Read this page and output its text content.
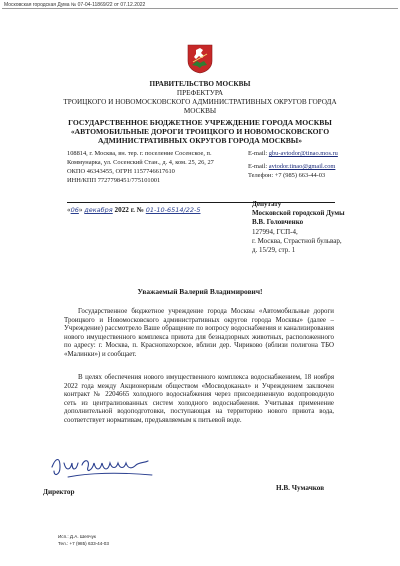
Московская городская Дума № 07-04-11869/22 от 07.12.2022
ПРАВИТЕЛЬСТВО МОСКВЫ
ПРЕФЕКТУРА
ТРОИЦКОГО И НОВОМОСКОВСКОГО АДМИНИСТРАТИВНЫХ ОКРУГОВ ГОРОДА
МОСКВЫ
ГОСУДАРСТВЕННОЕ БЮДЖЕТНОЕ УЧРЕЖДЕНИЕ ГОРОДА МОСКВЫ
«АВТОМОБИЛЬНЫЕ ДОРОГИ ТРОИЦКОГО И НОВОМОСКОВСКОГО
АДМИНИСТРАТИВНЫХ ОКРУГОВ ГОРОДА МОСКВЫ»
108814, г. Москва, вн. тер. г. поселение Сосенское, п.
Коммунарка, ул. Сосенский Стан., д. 4, ком. 25, 26, 27
ОКПО 46343455, ОГРН 1157746617610
ИНН/КПП 7727798451/775101001
E-mail: gbu-avtodor@tinao.mos.ru
E-mail: avtodor.tinao@gmail.com
Телефон: +7 (985) 663-44-03
«06» декабря 2022 г. № 01-10-6514/22-5
Депутату
Московской городской Думы
В.В. Головченко
127994, ГСП-4,
г. Москва, Страстной бульвар,
д. 15/29, стр. 1
Уважаемый Валерий Владимирович!

Государственное бюджетное учреждение города Москвы «Автомобильные дороги Троицкого и Новомосковского административных округов города Москвы» (далее – Учреждение) рассмотрело Ваше обращение по вопросу водоснабжения и канализирования нового имущественного комплекса приюта для безнадзорных животных, расположенного по адресу: г. Москва, п. Краснопахорское, вблизи дер. Чириково (вблизи полигона ТБО «Малинки») и сообщает.

В целях обеспечения нового имущественного комплекса водоснабжением, 18 ноября 2022 года между Акционерным обществом «Мосводоканал» и Учреждением заключен контракт № 2204665 холодного водоснабжения через присоединенную водопроводную сеть из централизованных систем холодного водоснабжения. Учитывая применение дополнительной водоподготовки, поступающая на территорию нового приюта вода, соответствует нормативам, предъявляемым к питьевой воде.

Директор	Н.В. Чумачков
Исп.: Д.А. Шепчук
Тел.: +7 (985) 633-44-03
